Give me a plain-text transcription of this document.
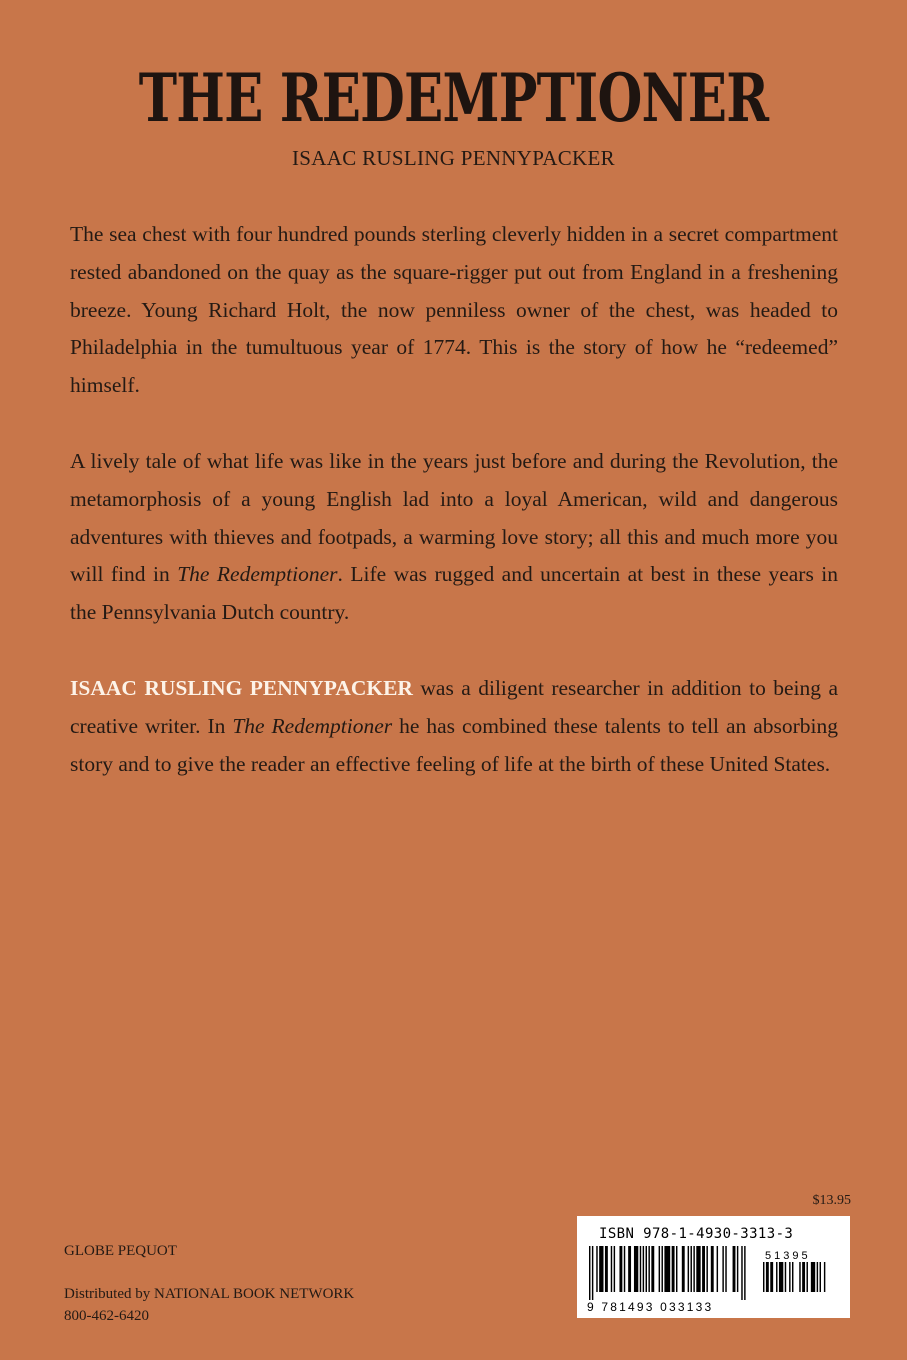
THE REDEMPTIONER
ISAAC RUSLING PENNYPACKER

The sea chest with four hundred pounds sterling cleverly hidden in a secret compartment rested abandoned on the quay as the square-rigger put out from England in a freshening breeze. Young Richard Holt, the now penniless owner of the chest, was headed to Philadelphia in the tumultuous year of 1774. This is the story of how he “redeemed” himself.

A lively tale of what life was like in the years just before and during the Revolution, the metamorphosis of a young English lad into a loyal American, wild and dangerous adventures with thieves and footpads, a warming love story; all this and much more you will find in The Redemptioner. Life was rugged and uncertain at best in these years in the Pennsylvania Dutch country.

ISAAC RUSLING PENNYPACKER was a diligent researcher in addition to being a creative writer. In The Redemptioner he has combined these talents to tell an absorbing story and to give the reader an effective feeling of life at the birth of these United States.

$13.95
ISBN 978-1-4930-3313-3
51395
9 781493 033133
GLOBE PEQUOT
Distributed by NATIONAL BOOK NETWORK
800-462-6420
